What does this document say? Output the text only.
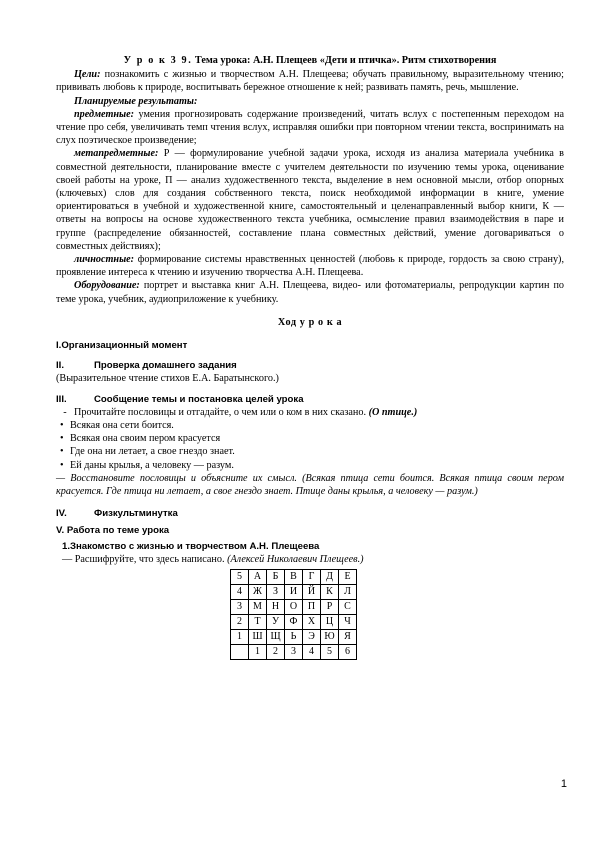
У р о к 3 9. Тема урока: А.Н. Плещеев «Дети и птичка». Ритм стихотворения

Цели: познакомить с жизнью и творчеством А.Н. Плещеева; обучать правильному, выразительному чтению; прививать любовь к природе, воспитывать бережное отношение к ней; развивать память, речь, мышление.

Планируемые результаты:

предметные: умения прогнозировать содержание произведений, читать вслух с постепенным переходом на чтение про себя, увеличивать темп чтения вслух, исправляя ошибки при повторном чтении текста, воспринимать на слух поэтическое произведение;

метапредметные: Р — формулирование учебной задачи урока, исходя из анализа материала учебника в совместной деятельности, планирование вместе с учителем деятельности по изучению темы урока, оценивание своей работы на уроке, П — анализ художественного текста, выделение в нем основной мысли, отбор опорных (ключевых) слов для создания собственного текста, поиск необходимой информации в книге, умение ориентироваться в учебной и художественной книге, самостоятельный и целенаправленный выбор книги, К — ответы на вопросы на основе художественного текста учебника, осмысление правил взаимодействия в паре и группе (распределение обязанностей, составление плана совместных действий, умение договариваться о совместных действиях);

личностные: формирование системы нравственных ценностей (любовь к природе, гордость за свою страну), проявление интереса к чтению и изучению творчества А.Н. Плещеева.

Оборудование: портрет и выставка книг А.Н. Плещеева, видео- или фотоматериалы, репродукции картин по теме урока, учебник, аудиоприложение к учебнику.

Ход у р о к а

I.Организационный момент
II.	Проверка домашнего задания

(Выразительное чтение стихов Е.А. Баратынского.)

III.	Сообщение темы и постановка целей урока
- Прочитайте пословицы и отгадайте, о чем или о ком в них сказано. (О птице.)
• Всякая она сети боится.
• Всякая она своим пером красуется
• Где она ни летает, а свое гнездо знает.
• Ей даны крылья, а человеку — разум.

— Восстановите пословицы и объясните их смысл. (Всякая птица сети боится. Всякая птица своим пером красуется. Где птица ни летает, а свое гнездо знает. Птице даны крылья, а человеку — разум.)

IV.	Физкультминутка
V. Работа по теме урока

1.Знакомство с жизнью и творчеством А.Н. Плещеева

— Расшифруйте, что здесь написано. (Алексей Николаевич Плещеев.)

5	А	Б	В	Г	Д	Е
4	Ж	З	И	Й	К	Л
3	М	Н	О	П	Р	С
2	Т	У	Ф	Х	Ц	Ч
1	Ш	Щ	Ь	Э	Ю	Я
	1	2	3	4	5	6
1
